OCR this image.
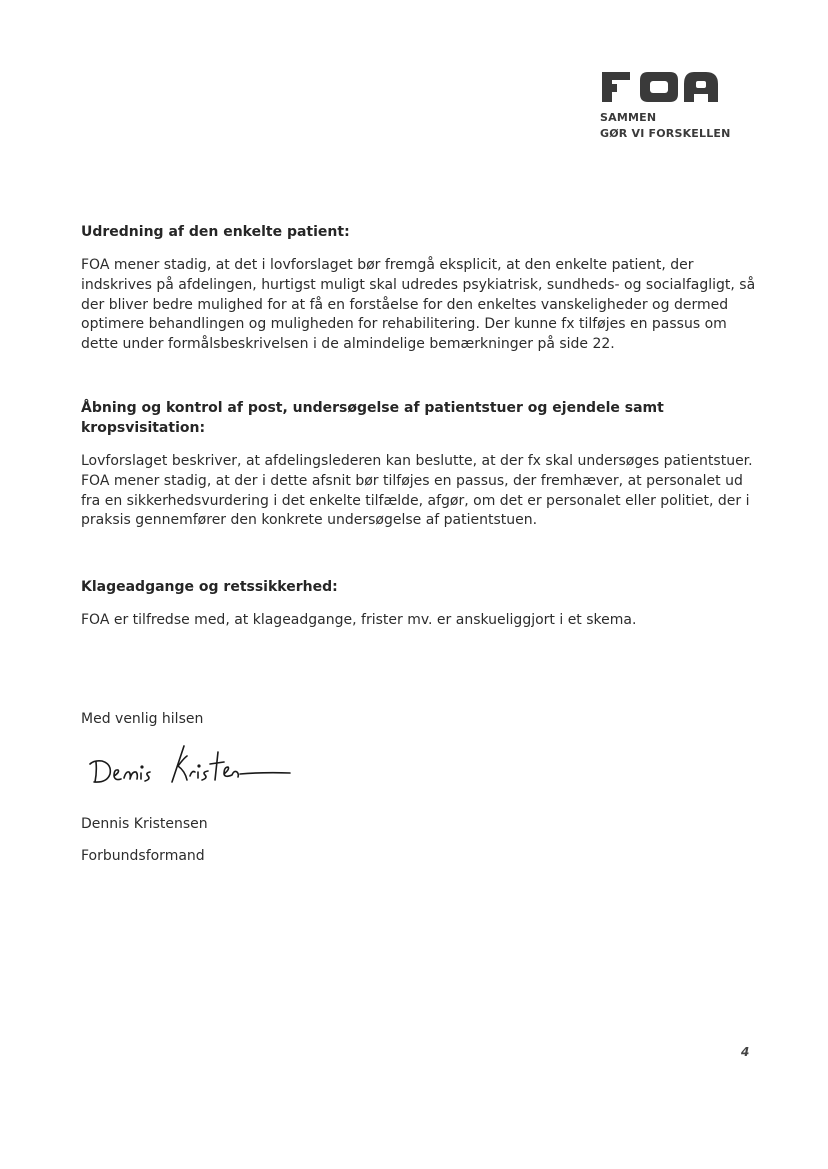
SAMMEN
GØR VI FORSKELLEN

Udredning af den enkelte patient:

FOA mener stadig, at det i lovforslaget bør fremgå eksplicit, at den enkelte patient, der indskrives på afdelingen, hurtigst muligt skal udredes psykiatrisk, sundheds- og socialfagligt, så der bliver bedre mulighed for at få en forståelse for den enkeltes vanskeligheder og dermed optimere behandlingen og muligheden for rehabilitering. Der kunne fx tilføjes en passus om dette under formålsbeskrivelsen i de almindelige bemærkninger på side 22.

Åbning og kontrol af post, undersøgelse af patientstuer og ejendele samt kropsvisitation:

Lovforslaget beskriver, at afdelingslederen kan beslutte, at der fx skal undersøges patientstuer. FOA mener stadig, at der i dette afsnit bør tilføjes en passus, der fremhæver, at personalet ud fra en sikkerhedsvurdering i det enkelte tilfælde, afgør, om det er personalet eller politiet, der i praksis gennemfører den konkrete undersøgelse af patientstuen.

Klageadgange og retssikkerhed:

FOA er tilfredse med, at klageadgange, frister mv. er anskueliggjort i et skema.

Med venlig hilsen
Dennis Kristensen
Forbundsformand
4
